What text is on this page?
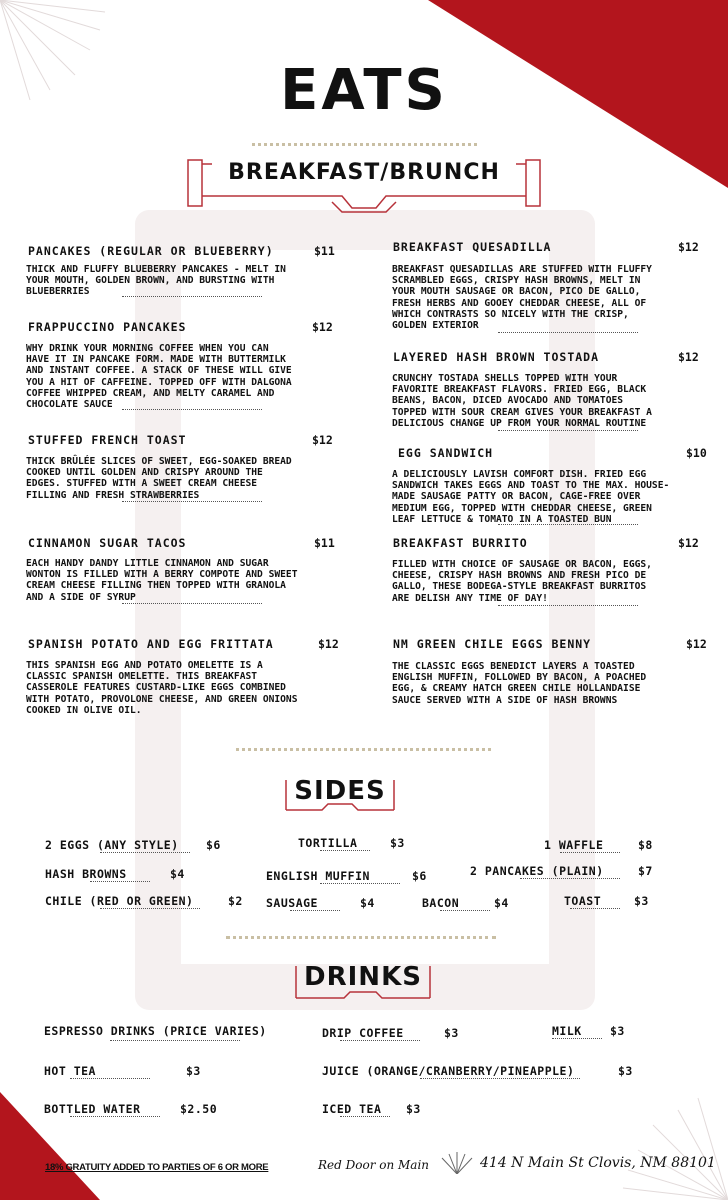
EATS
BREAKFAST/BRUNCH
PANCAKES (REGULAR OR BLUEBERRY)	$11
THICK AND FLUFFY BLUEBERRY PANCAKES - MELT IN
YOUR MOUTH, GOLDEN BROWN, AND BURSTING WITH
BLUEBERRIES
FRAPPUCCINO PANCAKES	$12
WHY DRINK YOUR MORNING COFFEE WHEN YOU CAN
HAVE IT IN PANCAKE FORM. MADE WITH BUTTERMILK
AND INSTANT COFFEE. A STACK OF THESE WILL GIVE
YOU A HIT OF CAFFEINE. TOPPED OFF WITH DALGONA
COFFEE WHIPPED CREAM, AND MELTY CARAMEL AND
CHOCOLATE SAUCE
STUFFED FRENCH TOAST	$12
THICK BRÛLÉE SLICES OF SWEET, EGG-SOAKED BREAD
COOKED UNTIL GOLDEN AND CRISPY AROUND THE
EDGES. STUFFED WITH A SWEET CREAM CHEESE
FILLING AND FRESH STRAWBERRIES
CINNAMON SUGAR TACOS	$11
EACH HANDY DANDY LITTLE CINNAMON AND SUGAR
WONTON IS FILLED WITH A BERRY COMPOTE AND SWEET
CREAM CHEESE FILLING THEN TOPPED WITH GRANOLA
AND A SIDE OF SYRUP
SPANISH POTATO AND EGG FRITTATA	$12
THIS SPANISH EGG AND POTATO OMELETTE IS A
CLASSIC SPANISH OMELETTE. THIS BREAKFAST
CASSEROLE FEATURES CUSTARD-LIKE EGGS COMBINED
WITH POTATO, PROVOLONE CHEESE, AND GREEN ONIONS
COOKED IN OLIVE OIL.
BREAKFAST QUESADILLA	$12
BREAKFAST QUESADILLAS ARE STUFFED WITH FLUFFY
SCRAMBLED EGGS, CRISPY HASH BROWNS, MELT IN
YOUR MOUTH SAUSAGE OR BACON, PICO DE GALLO,
FRESH HERBS AND GOOEY CHEDDAR CHEESE, ALL OF
WHICH CONTRASTS SO NICELY WITH THE CRISP,
GOLDEN EXTERIOR
LAYERED HASH BROWN TOSTADA	$12
CRUNCHY TOSTADA SHELLS TOPPED WITH YOUR
FAVORITE BREAKFAST FLAVORS. FRIED EGG, BLACK
BEANS, BACON, DICED AVOCADO AND TOMATOES
TOPPED WITH SOUR CREAM GIVES YOUR BREAKFAST A
DELICIOUS CHANGE UP FROM YOUR NORMAL ROUTINE
EGG SANDWICH	$10
A DELICIOUSLY LAVISH COMFORT DISH. FRIED EGG
SANDWICH TAKES EGGS AND TOAST TO THE MAX. HOUSE-
MADE SAUSAGE PATTY OR BACON, CAGE-FREE OVER
MEDIUM EGG, TOPPED WITH CHEDDAR CHEESE, GREEN
LEAF LETTUCE & TOMATO IN A TOASTED BUN
BREAKFAST BURRITO	$12
FILLED WITH CHOICE OF SAUSAGE OR BACON, EGGS,
CHEESE, CRISPY HASH BROWNS AND FRESH PICO DE
GALLO, THESE BODEGA-STYLE BREAKFAST BURRITOS
ARE DELISH ANY TIME OF DAY!
NM GREEN CHILE EGGS BENNY	$12
THE CLASSIC EGGS BENEDICT LAYERS A TOASTED
ENGLISH MUFFIN, FOLLOWED BY BACON, A POACHED
EGG, & CREAMY HATCH GREEN CHILE HOLLANDAISE
SAUCE SERVED WITH A SIDE OF HASH BROWNS
SIDES
2 EGGS (ANY STYLE) $6	TORTILLA	$3	1 WAFFLE	$8
HASH BROWNS	$4	ENGLISH MUFFIN	$6	2 PANCAKES (PLAIN)	$7
CHILE (RED OR GREEN)	$2 SAUSAGE	$4	BACON	$4	TOAST	$3
DRINKS
ESPRESSO DRINKS (PRICE VARIES)	DRIP COFFEE	$3	MILK $3
HOT TEA	$3	JUICE (ORANGE/CRANBERRY/PINEAPPLE)	$3
BOTTLED WATER	$2.50	ICED TEA $3
18% GRATUITY ADDED TO PARTIES OF 6 OR MORE	Red Door on Main	414 N Main St Clovis, NM 88101
